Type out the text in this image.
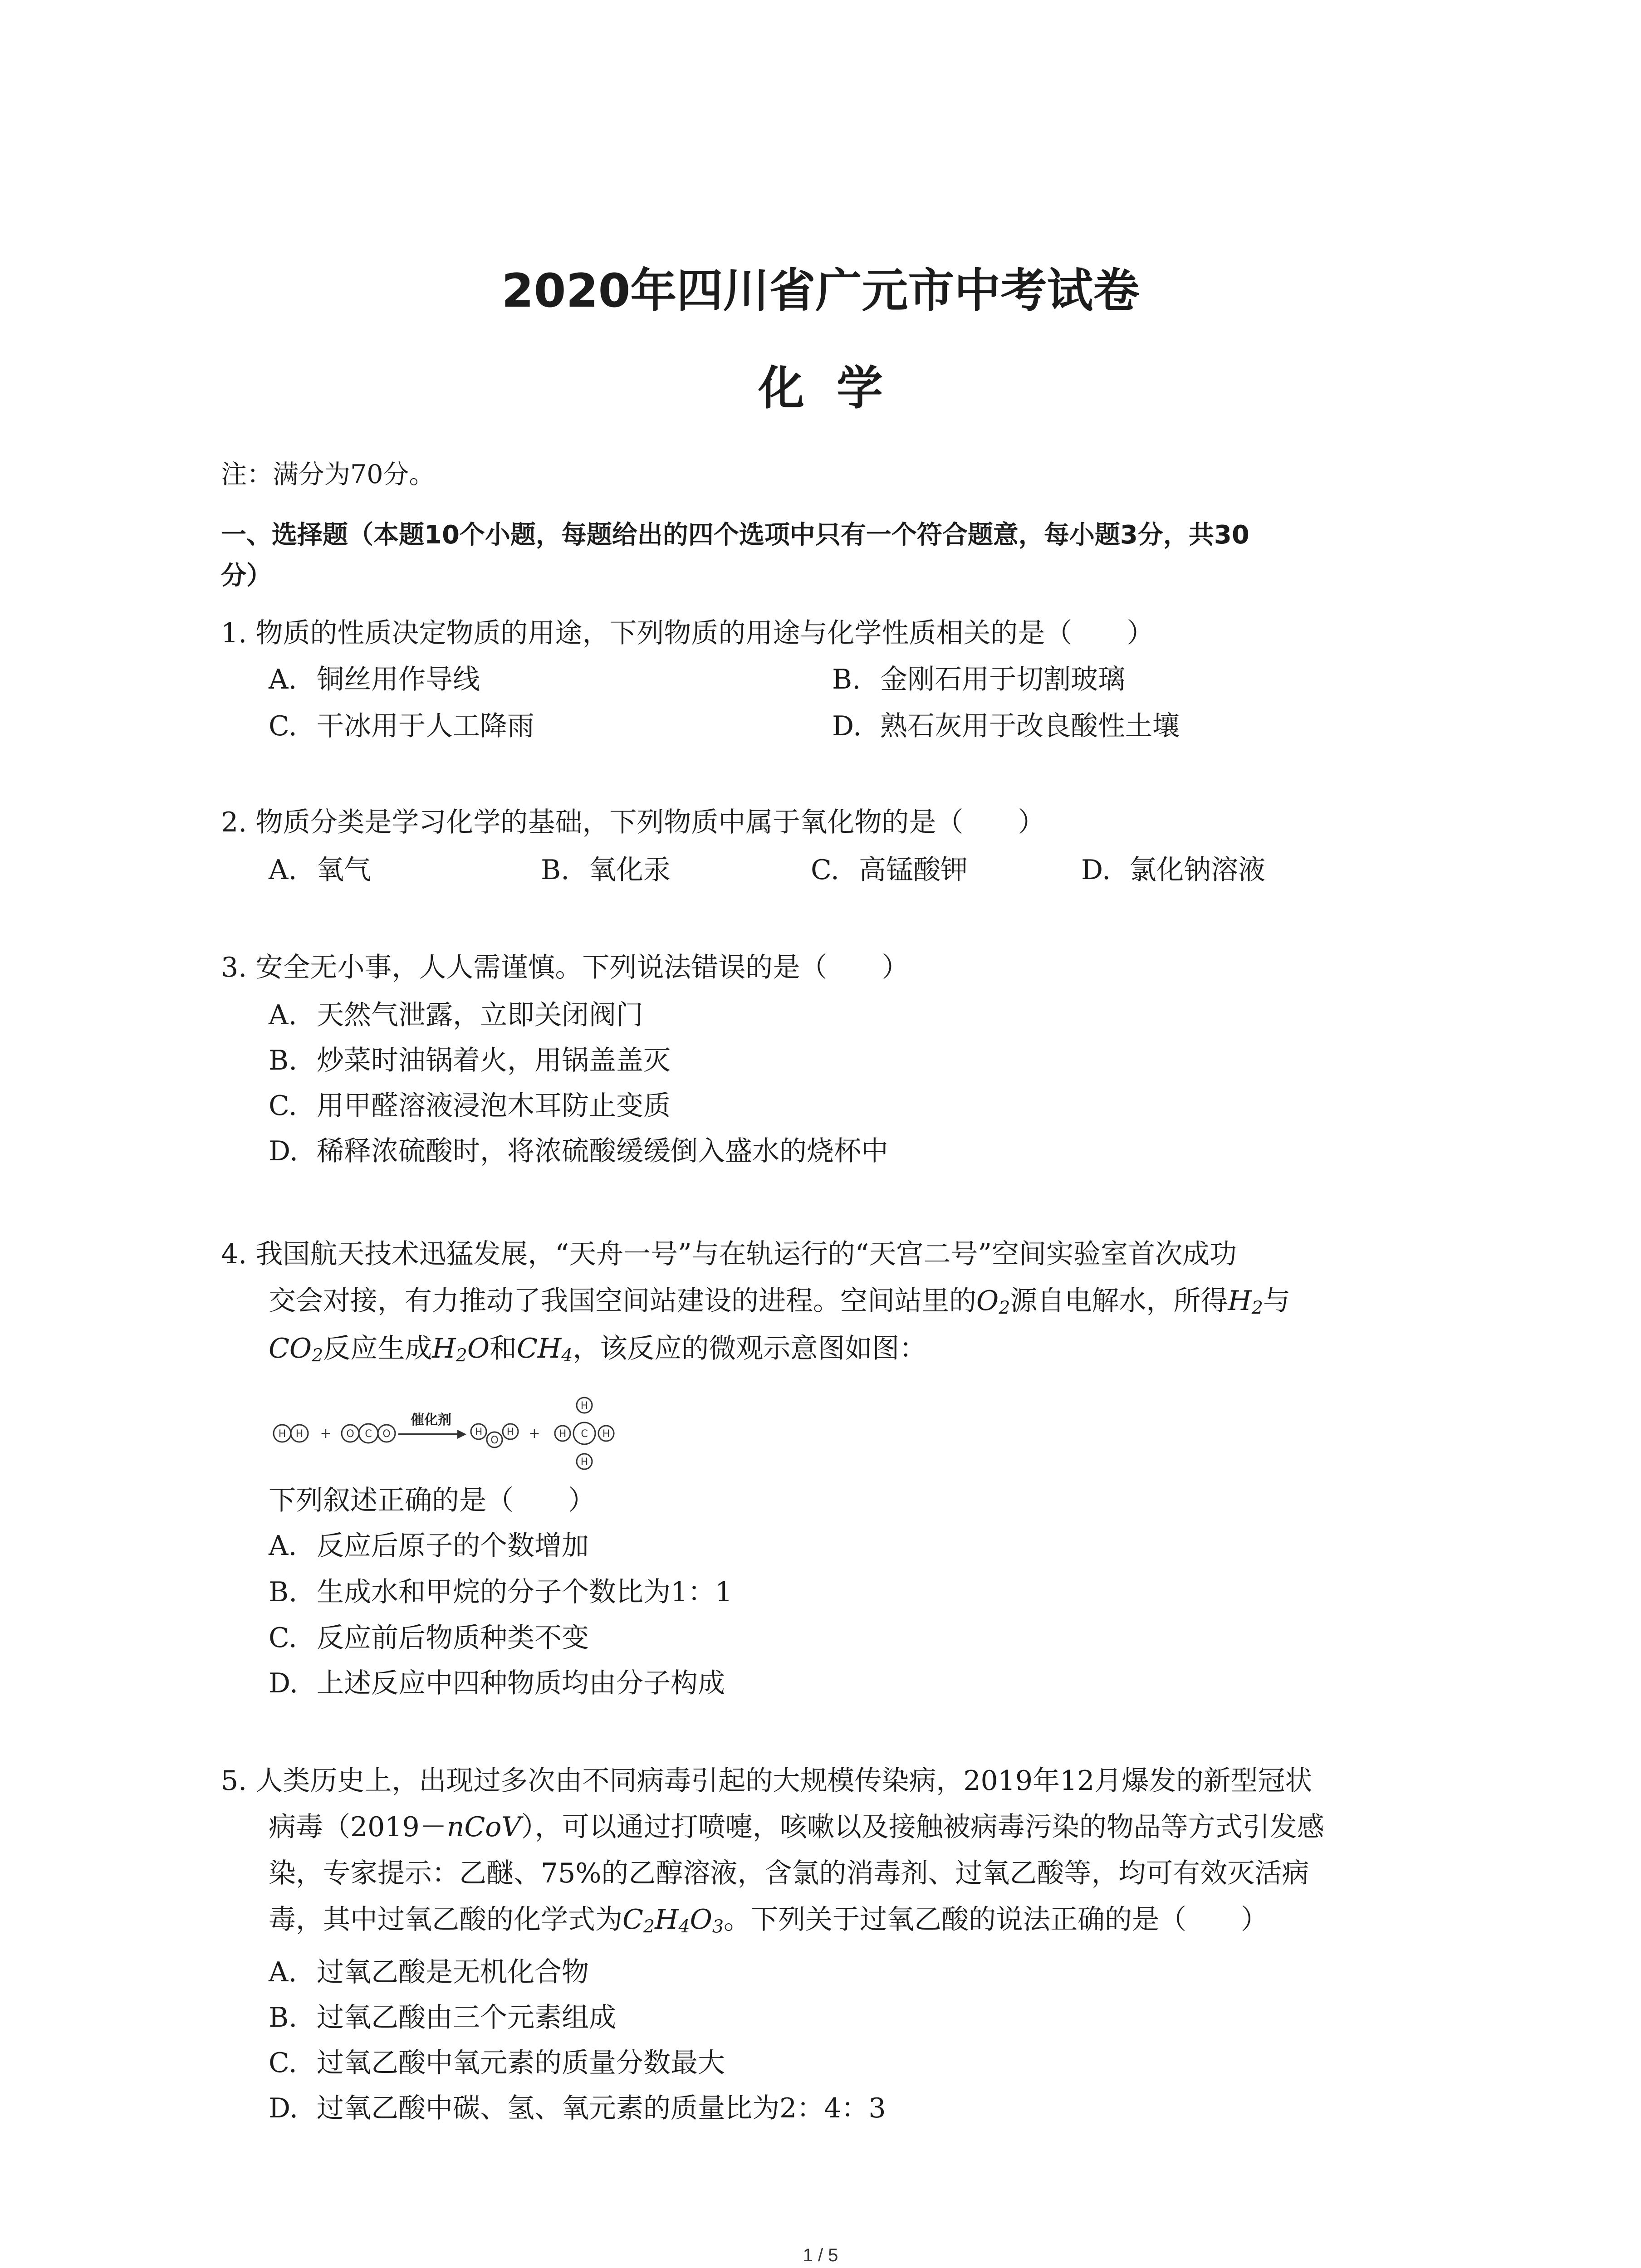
2020年四川省广元市中考试卷
化  学
注：满分为70分。
一、选择题（本题10个小题，每题给出的四个选项中只有一个符合题意，每小题3分，共30
分）
1. 物质的性质决定物质的用途，下列物质的用途与化学性质相关的是（　　）
A. 铜丝用作导线	B. 金刚石用于切割玻璃
C. 干冰用于人工降雨	D. 熟石灰用于改良酸性土壤
2. 物质分类是学习化学的基础，下列物质中属于氧化物的是（　　）
A. 氧气	B. 氧化汞	C. 高锰酸钾	D. 氯化钠溶液
3. 安全无小事，人人需谨慎。下列说法错误的是（　　）
A. 天然气泄露，立即关闭阀门
B. 炒菜时油锅着火，用锅盖盖灭
C. 用甲醛溶液浸泡木耳防止变质
D. 稀释浓硫酸时，将浓硫酸缓缓倒入盛水的烧杯中
4. 我国航天技术迅猛发展，“天舟一号”与在轨运行的“天宫二号”空间实验室首次成功
交会对接，有力推动了我国空间站建设的进程。空间站里的$O_2$源自电解水，所得$H_2$与
$CO_2$反应生成$H_2O$和$CH_4$，该反应的微观示意图如图：
H H + O C O
催化剂
H
O
H +
H
H C H
H
下列叙述正确的是（　　）
A. 反应后原子的个数增加
B. 生成水和甲烷的分子个数比为1：1
C. 反应前后物质种类不变
D. 上述反应中四种物质均由分子构成
5. 人类历史上，出现过多次由不同病毒引起的大规模传染病，2019年12月爆发的新型冠状
病毒（2019－nCoV），可以通过打喷嚏，咳嗽以及接触被病毒污染的物品等方式引发感
染，专家提示：乙醚、75%的乙醇溶液，含氯的消毒剂、过氧乙酸等，均可有效灭活病
毒，其中过氧乙酸的化学式为$C_2H_4O_3$。下列关于过氧乙酸的说法正确的是（　　）
A. 过氧乙酸是无机化合物
B. 过氧乙酸由三个元素组成
C. 过氧乙酸中氧元素的质量分数最大
D. 过氧乙酸中碳、氢、氧元素的质量比为2：4：3
1 / 5
